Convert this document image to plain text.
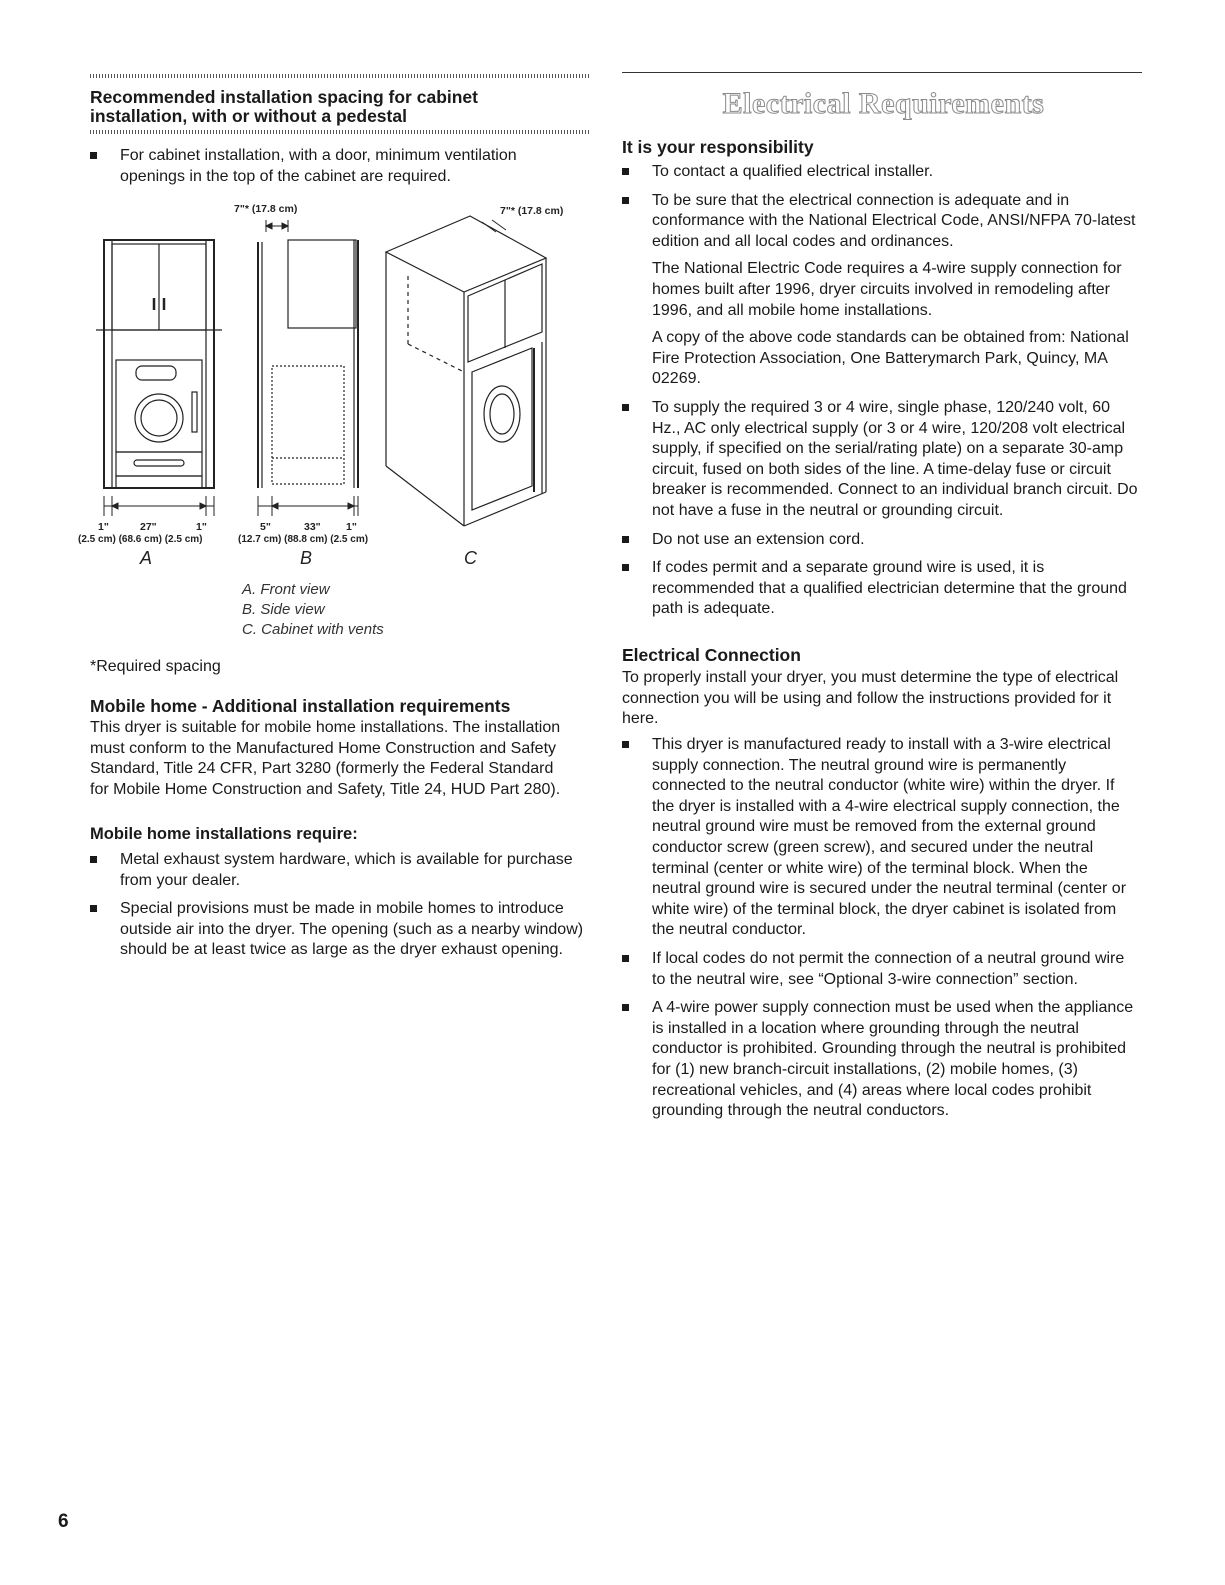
Recommended installation spacing for cabinet installation, with or without a pedestal

For cabinet installation, with a door, minimum ventilation openings in the top of the cabinet are required.

7"* (17.8 cm)	7"* (17.8 cm)
1"	27"	1"	5"	33" 1"
(2.5 cm) (68.6 cm) (2.5 cm)	(12.7 cm) (88.8 cm) (2.5 cm)
A	B	C

A. Front view

B. Side view

C. Cabinet with vents

*Required spacing

Mobile home - Additional installation requirements

This dryer is suitable for mobile home installations. The installation must conform to the Manufactured Home Construction and Safety Standard, Title 24 CFR, Part 3280 (formerly the Federal Standard for Mobile Home Construction and Safety, Title 24, HUD Part 280).

Mobile home installations require:

Metal exhaust system hardware, which is available for purchase from your dealer.

Special provisions must be made in mobile homes to introduce outside air into the dryer. The opening (such as a nearby window) should be at least twice as large as the dryer exhaust opening.

Electrical Requirements
It is your responsibility

To contact a qualified electrical installer.

To be sure that the electrical connection is adequate and in conformance with the National Electrical Code, ANSI/NFPA 70-latest edition and all local codes and ordinances.

The National Electric Code requires a 4-wire supply connection for homes built after 1996, dryer circuits involved in remodeling after 1996, and all mobile home installations.

A copy of the above code standards can be obtained from: National Fire Protection Association, One Batterymarch Park, Quincy, MA 02269.

To supply the required 3 or 4 wire, single phase, 120/240 volt, 60 Hz., AC only electrical supply (or 3 or 4 wire, 120/208 volt electrical supply, if specified on the serial/rating plate) on a separate 30-amp circuit, fused on both sides of the line. A time-delay fuse or circuit breaker is recommended. Connect to an individual branch circuit. Do not have a fuse in the neutral or grounding circuit.

Do not use an extension cord.

If codes permit and a separate ground wire is used, it is recommended that a qualified electrician determine that the ground path is adequate.

Electrical Connection

To properly install your dryer, you must determine the type of electrical connection you will be using and follow the instructions provided for it here.

This dryer is manufactured ready to install with a 3-wire electrical supply connection. The neutral ground wire is permanently connected to the neutral conductor (white wire) within the dryer. If the dryer is installed with a 4-wire electrical supply connection, the neutral ground wire must be removed from the external ground conductor screw (green screw), and secured under the neutral terminal (center or white wire) of the terminal block. When the neutral ground wire is secured under the neutral terminal (center or white wire) of the terminal block, the dryer cabinet is isolated from the neutral conductor.

If local codes do not permit the connection of a neutral ground wire to the neutral wire, see “Optional 3-wire connection” section.

A 4-wire power supply connection must be used when the appliance is installed in a location where grounding through the neutral conductor is prohibited. Grounding through the neutral is prohibited for (1) new branch-circuit installations, (2) mobile homes, (3) recreational vehicles, and (4) areas where local codes prohibit grounding through the neutral conductors.

6
